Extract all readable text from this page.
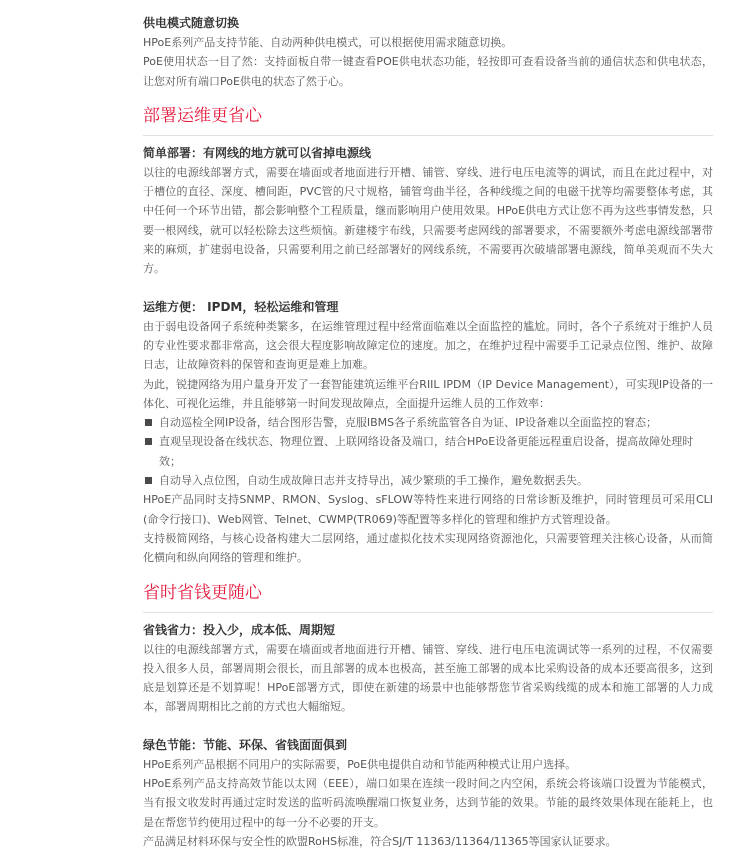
供电模式随意切换

HPoE系列产品支持节能、自动两种供电模式，可以根据使用需求随意切换。

PoE使用状态一目了然：支持面板自带一键查看POE供电状态功能，轻按即可查看设备当前的通信状态和供电状态，让您对所有端口PoE供电的状态了然于心。

部署运维更省心

简单部署：有网线的地方就可以省掉电源线

以往的电源线部署方式，需要在墙面或者地面进行开槽、铺管、穿线、进行电压电流等的调试，而且在此过程中，对于槽位的直径、深度、槽间距，PVC管的尺寸规格，铺管弯曲半径，各种线缆之间的电磁干扰等均需要整体考虑，其中任何一个环节出错，都会影响整个工程质量，继而影响用户使用效果。HPoE供电方式让您不再为这些事情发愁，只要一根网线，就可以轻松除去这些烦恼。新建楼宇布线，只需要考虑网线的部署要求，不需要额外考虑电源线部署带来的麻烦，扩建弱电设备，只需要利用之前已经部署好的网线系统，不需要再次破墙部署电源线，简单美观而不失大方。

运维方便： IPDM，轻松运维和管理

由于弱电设备网子系统种类繁多，在运维管理过程中经常面临难以全面监控的尴尬。同时，各个子系统对于维护人员的专业性要求都非常高，这会很大程度影响故障定位的速度。加之，在维护过程中需要手工记录点位图、维护、故障日志，让故障资料的保管和查询更是难上加难。

为此，锐捷网络为用户量身开发了一套智能建筑运维平台RIIL IPDM（IP Device Management），可实现IP设备的一体化、可视化运维，并且能够第一时间发现故障点，全面提升运维人员的工作效率：

自动巡检全网IP设备，结合图形告警，克服IBMS各子系统监管各自为证、IP设备难以全面监控的窘态；
直观呈现设备在线状态、物理位置、上联网络设备及端口，结合HPoE设备更能远程重启设备，提高故障处理时效；
自动导入点位图，自动生成故障日志并支持导出，减少繁琐的手工操作，避免数据丢失。

HPoE产品同时支持SNMP、RMON、Syslog、sFLOW等特性来进行网络的日常诊断及维护，同时管理员可采用CLI(命令行接口)、Web网管、Telnet、CWMP(TR069)等配置等多样化的管理和维护方式管理设备。

支持极简网络，与核心设备构建大二层网络，通过虚拟化技术实现网络资源池化，只需要管理关注核心设备，从而简化横向和纵向网络的管理和维护。

省时省钱更随心

省钱省力：投入少，成本低、周期短

以往的电源线部署方式，需要在墙面或者地面进行开槽、铺管、穿线、进行电压电流调试等一系列的过程，不仅需要投入很多人员，部署周期会很长，而且部署的成本也极高，甚至施工部署的成本比采购设备的成本还要高很多，这到底是划算还是不划算呢！HPoE部署方式，即使在新建的场景中也能够帮您节省采购线缆的成本和施工部署的人力成本，部署周期相比之前的方式也大幅缩短。

绿色节能：节能、环保、省钱面面俱到

HPoE系列产品根据不同用户的实际需要，PoE供电提供自动和节能两种模式让用户选择。

HPoE系列产品支持高效节能以太网（EEE），端口如果在连续一段时间之内空闲，系统会将该端口设置为节能模式，当有报文收发时再通过定时发送的监听码流唤醒端口恢复业务，达到节能的效果。节能的最终效果体现在能耗上，也是在帮您节约使用过程中的每一分不必要的开支。

产品满足材料环保与安全性的欧盟RoHS标准，符合SJ/T 11363/11364/11365等国家认证要求。
